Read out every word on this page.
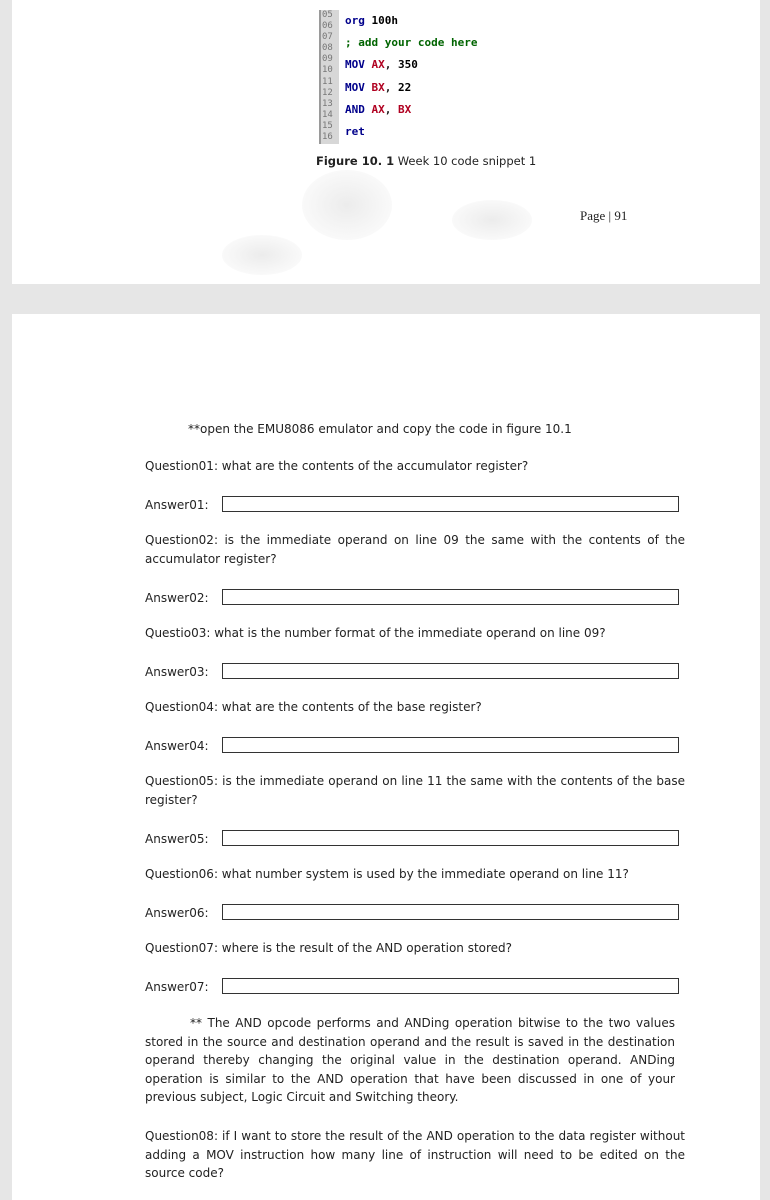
05
06
07
08
09
10
11
12
13
14
15
16
org 100h
; add your code here
MOV AX, 350
MOV BX, 22
AND AX, BX
ret
Figure 10. 1 Week 10 code snippet 1
Page | 91
**open the EMU8086 emulator and copy the code in figure 10.1
Question01: what are the contents of the accumulator register?
Answer01:
Question02: is the immediate operand on line 09 the same with the contents of the accumulator register?
Answer02:
Questio03: what is the number format of the immediate operand on line 09?
Answer03:
Question04: what are the contents of the base register?
Answer04:
Question05: is the immediate operand on line 11 the same with the contents of the base register?
Answer05:
Question06: what number system is used by the immediate operand on line 11?
Answer06:
Question07: where is the result of the AND operation stored?
Answer07:
** The AND opcode performs and ANDing operation bitwise to the two values stored in the source and destination operand and the result is saved in the destination operand thereby changing the original value in the destination operand. ANDing operation is similar to the AND operation that have been discussed in one of your previous subject, Logic Circuit and Switching theory.
Question08: if I want to store the result of the AND operation to the data register without adding a MOV instruction how many line of instruction will need to be edited on the source code?
